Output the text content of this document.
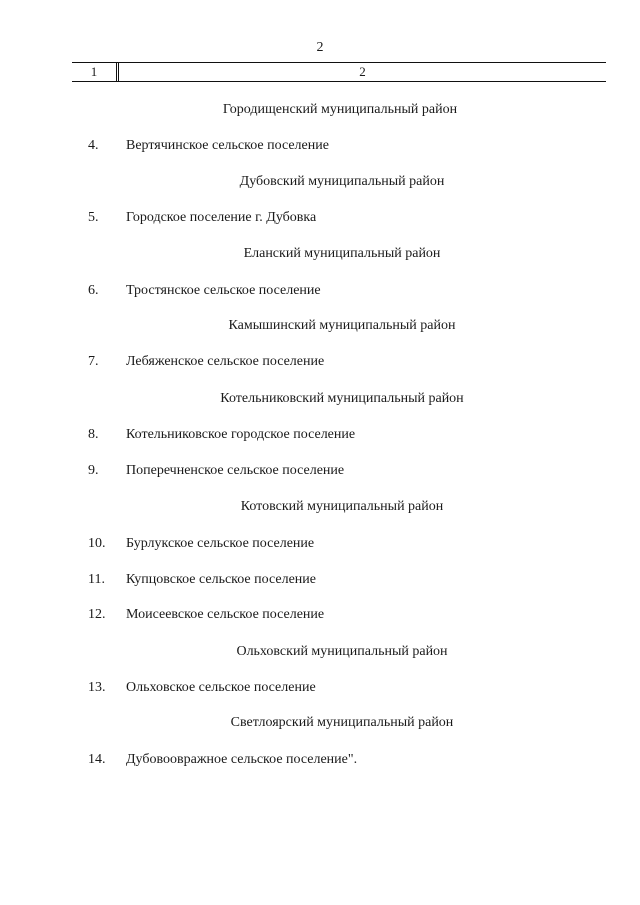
2
1	2
Городищенский муниципальный район
4. Вертячинское сельское поселение
Дубовский муниципальный район
5. Городское поселение г. Дубовка
Еланский муниципальный район
6. Тростянское сельское поселение
Камышинский муниципальный район
7. Лебяженское сельское поселение
Котельниковский муниципальный район
8. Котельниковское городское поселение
9. Поперечненское сельское поселение
Котовский муниципальный район
10. Бурлукское сельское поселение
11. Купцовское сельское поселение
12. Моисеевское сельское поселение
Ольховский муниципальный район
13. Ольховское сельское поселение
Светлоярский муниципальный район
14. Дубовоовражное сельское поселение".
